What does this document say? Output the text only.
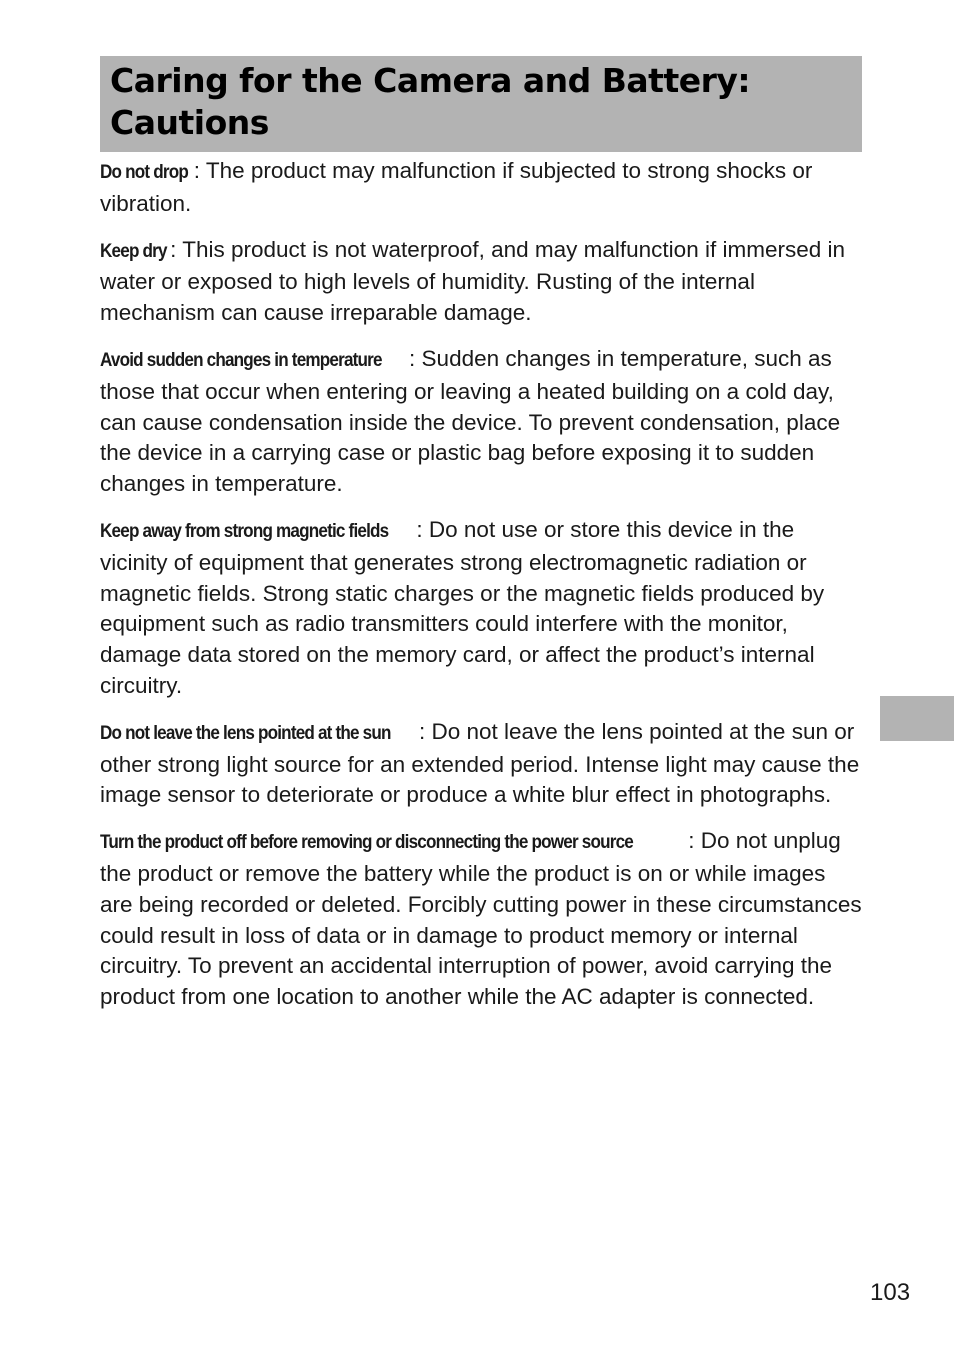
Caring for the Camera and Battery:
Cautions

Do not drop : The product may malfunction if subjected to strong shocks or vibration.

Keep dry : This product is not waterproof, and may malfunction if immersed in water or exposed to high levels of humidity. Rusting of the internal mechanism can cause irreparable damage.

Avoid sudden changes in temperature : Sudden changes in temperature, such as those that occur when entering or leaving a heated building on a cold day, can cause condensation inside the device. To prevent condensation, place the device in a carrying case or plastic bag before exposing it to sudden changes in temperature.

Keep away from strong magnetic fields : Do not use or store this device in the vicinity of equipment that generates strong electromagnetic radiation or magnetic fields. Strong static charges or the magnetic fields produced by equipment such as radio transmitters could interfere with the monitor, damage data stored on the memory card, or affect the product’s internal circuitry.

Do not leave the lens pointed at the sun : Do not leave the lens pointed at the sun or other strong light source for an extended period. Intense light may cause the image sensor to deteriorate or produce a white blur effect in photographs.

Turn the product off before removing or disconnecting the power source : Do not unplug the product or remove the battery while the product is on or while images are being recorded or deleted. Forcibly cutting power in these circumstances could result in loss of data or in damage to product memory or internal circuitry. To prevent an accidental interruption of power, avoid carrying the product from one location to another while the AC adapter is connected.

103
